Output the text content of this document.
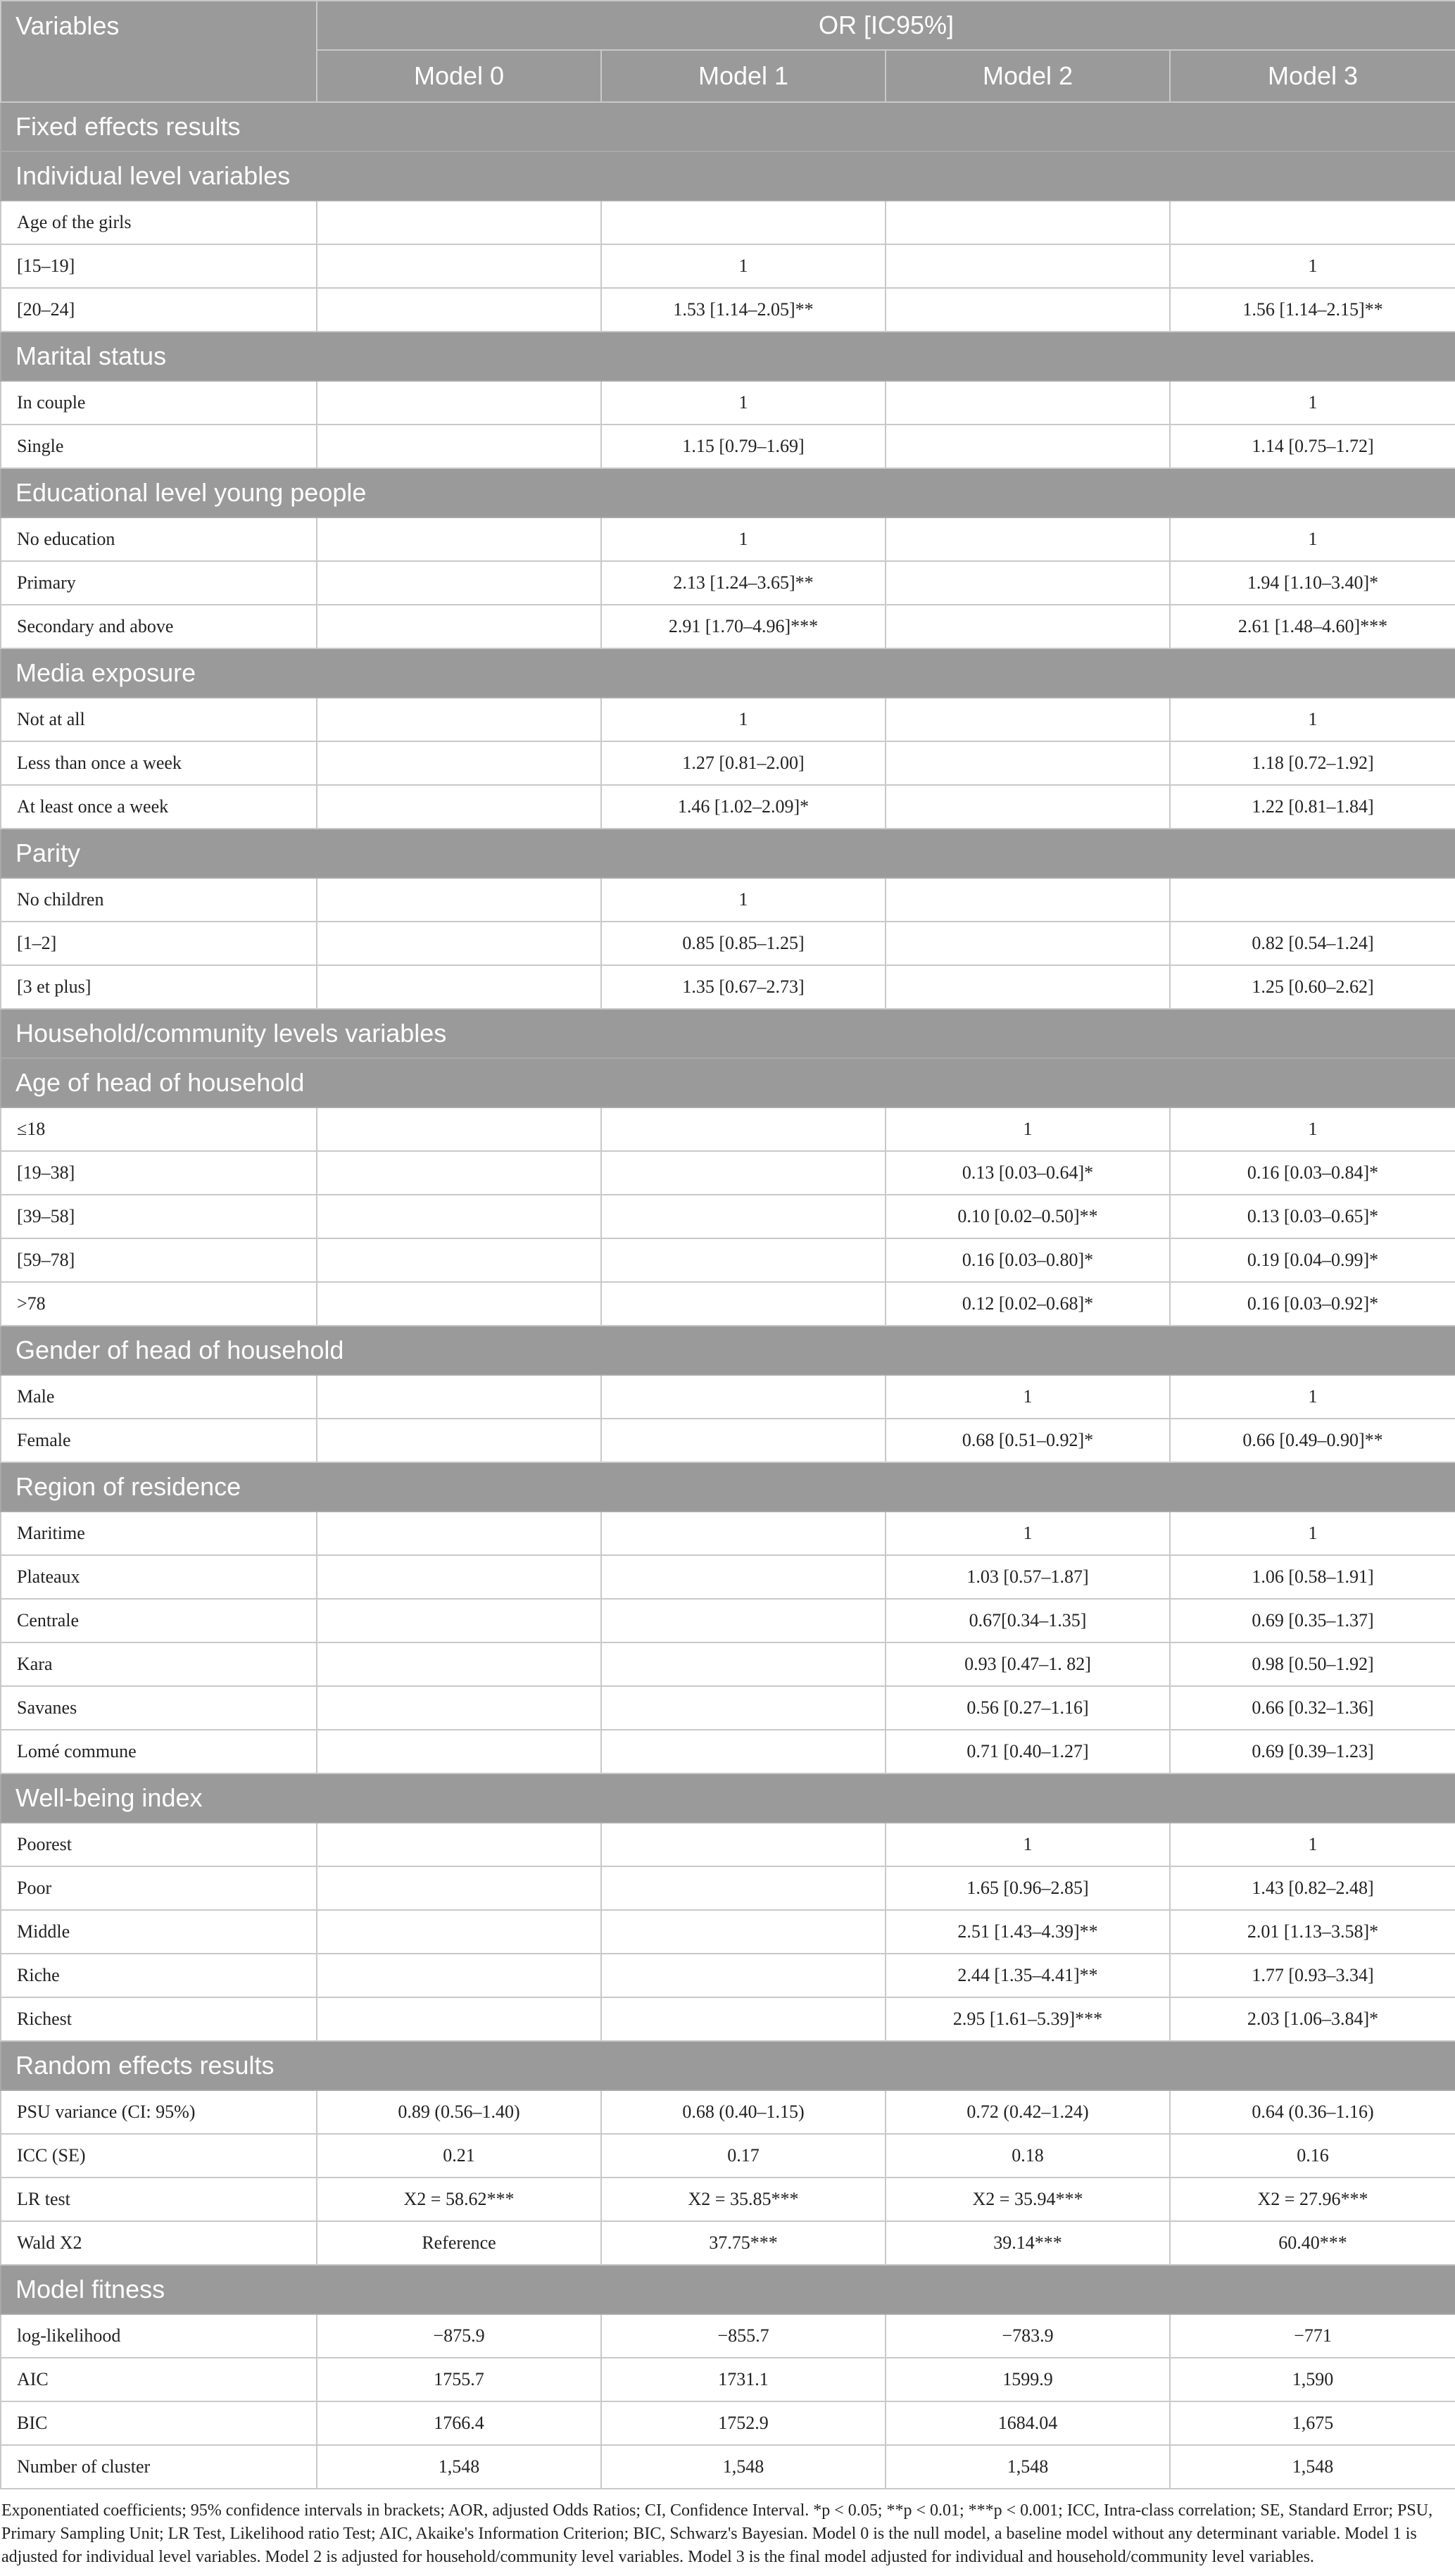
Variables	OR [IC95%]			
	Model 0	Model 1	Model 2	Model 3
Fixed effects results				
Individual level variables				
Age of the girls				
[15–19]		1		1
[20–24]		1.53 [1.14–2.05]**		1.56 [1.14–2.15]**
Marital status				
In couple		1		1
Single		1.15 [0.79–1.69]		1.14 [0.75–1.72]
Educational level young people				
No education		1		1
Primary		2.13 [1.24–3.65]**		1.94 [1.10–3.40]*
Secondary and above		2.91 [1.70–4.96]***		2.61 [1.48–4.60]***
Media exposure				
Not at all		1		1
Less than once a week		1.27 [0.81–2.00]		1.18 [0.72–1.92]
At least once a week		1.46 [1.02–2.09]*		1.22 [0.81–1.84]
Parity				
No children		1		
[1–2]		0.85 [0.85–1.25]		0.82 [0.54–1.24]
[3 et plus]		1.35 [0.67–2.73]		1.25 [0.60–2.62]
Household/community levels variables				
Age of head of household				
≤18			1	1
[19–38]			0.13 [0.03–0.64]*	0.16 [0.03–0.84]*
[39–58]			0.10 [0.02–0.50]**	0.13 [0.03–0.65]*
[59–78]			0.16 [0.03–0.80]*	0.19 [0.04–0.99]*
>78			0.12 [0.02–0.68]*	0.16 [0.03–0.92]*
Gender of head of household				
Male			1	1
Female			0.68 [0.51–0.92]*	0.66 [0.49–0.90]**
Region of residence				
Maritime			1	1
Plateaux			1.03 [0.57–1.87]	1.06 [0.58–1.91]
Centrale			0.67[0.34–1.35]	0.69 [0.35–1.37]
Kara			0.93 [0.47–1. 82]	0.98 [0.50–1.92]
Savanes			0.56 [0.27–1.16]	0.66 [0.32–1.36]
Lomé commune			0.71 [0.40–1.27]	0.69 [0.39–1.23]
Well-being index				
Poorest			1	1
Poor			1.65 [0.96–2.85]	1.43 [0.82–2.48]
Middle			2.51 [1.43–4.39]**	2.01 [1.13–3.58]*
Riche			2.44 [1.35–4.41]**	1.77 [0.93–3.34]
Richest			2.95 [1.61–5.39]***	2.03 [1.06–3.84]*
Random effects results				
PSU variance (CI: 95%)	0.89 (0.56–1.40)	0.68 (0.40–1.15)	0.72 (0.42–1.24)	0.64 (0.36–1.16)
ICC (SE)	0.21	0.17	0.18	0.16
LR test	X2 = 58.62***	X2 = 35.85***	X2 = 35.94***	X2 = 27.96***
Wald X2	Reference	37.75***	39.14***	60.40***
Model fitness				
log-likelihood	−875.9	−855.7	−783.9	−771
AIC	1755.7	1731.1	1599.9	1,590
BIC	1766.4	1752.9	1684.04	1,675
Number of cluster	1,548	1,548	1,548	1,548
Exponentiated coefficients; 95% confidence intervals in brackets; AOR, adjusted Odds Ratios; CI, Confidence Interval. *p < 0.05; **p < 0.01; ***p < 0.001; ICC, Intra-class correlation; SE, Standard Error; PSU, Primary Sampling Unit; LR Test, Likelihood ratio Test; AIC, Akaike's Information Criterion; BIC, Schwarz's Bayesian. Model 0 is the null model, a baseline model without any determinant variable. Model 1 is adjusted for individual level variables. Model 2 is adjusted for household/community level variables. Model 3 is the final model adjusted for individual and household/community level variables.
